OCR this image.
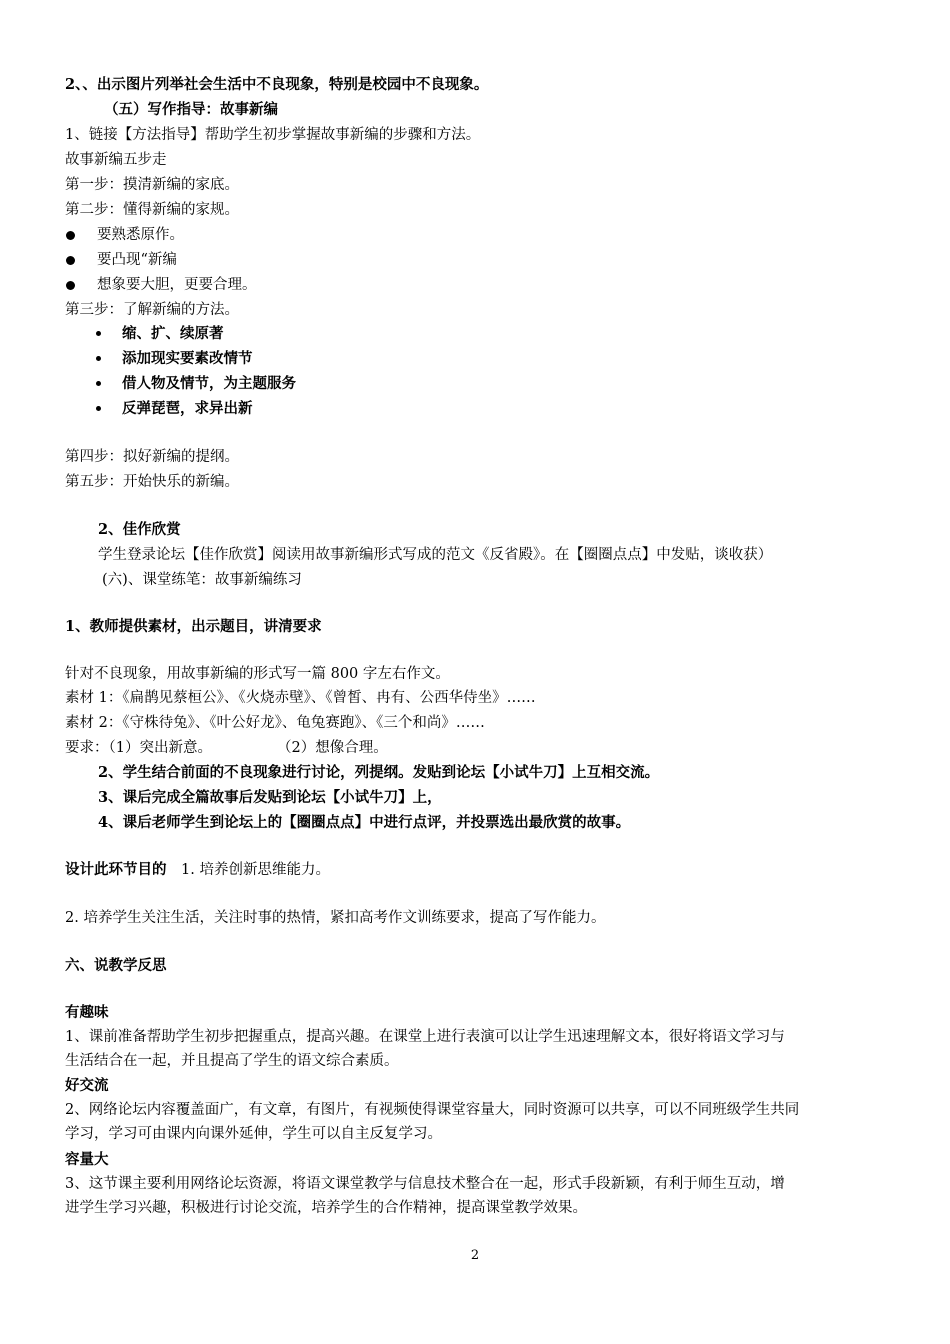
2、、出示图片列举社会生活中不良现象，特别是校园中不良现象。
（五）写作指导：故事新编
1、链接【方法指导】帮助学生初步掌握故事新编的步骤和方法。
故事新编五步走
第一步：摸清新编的家底。
第二步：懂得新编的家规。
要熟悉原作。
要凸现“新编
想象要大胆，更要合理。
第三步：了解新编的方法。
缩、扩、续原著
添加现实要素改情节
借人物及情节，为主题服务
反弹琵琶，求异出新
第四步：拟好新编的提纲。
第五步：开始快乐的新编。
2、佳作欣赏
学生登录论坛【佳作欣赏】阅读用故事新编形式写成的范文《反省殿》。在【圈圈点点】中发贴，谈收获）
(六)、课堂练笔：故事新编练习
1、教师提供素材，出示题目，讲清要求
针对不良现象，用故事新编的形式写一篇 800 字左右作文。
素材 1：《扁鹊见蔡桓公》、《火烧赤壁》、《曾皙、冉有、公西华侍坐》……
素材 2：《守株待兔》、《叶公好龙》、龟兔赛跑》、《三个和尚》……
要求：（1）突出新意。	（2）想像合理。
2、学生结合前面的不良现象进行讨论，列提纲。发贴到论坛【小试牛刀】上互相交流。
3、课后完成全篇故事后发贴到论坛【小试牛刀】上，
4、课后老师学生到论坛上的【圈圈点点】中进行点评，并投票选出最欣赏的故事。
设计此环节目的 1. 培养创新思维能力。
2. 培养学生关注生活，关注时事的热情，紧扣高考作文训练要求，提高了写作能力。
六、说教学反思
有趣味
1、课前准备帮助学生初步把握重点，提高兴趣。在课堂上进行表演可以让学生迅速理解文本，很好将语文学习与
生活结合在一起，并且提高了学生的语文综合素质。
好交流
2、网络论坛内容覆盖面广，有文章，有图片，有视频使得课堂容量大，同时资源可以共享，可以不同班级学生共同
学习，学习可由课内向课外延伸，学生可以自主反复学习。
容量大
3、这节课主要利用网络论坛资源，将语文课堂教学与信息技术整合在一起，形式手段新颖，有利于师生互动，增
进学生学习兴趣，积极进行讨论交流，培养学生的合作精神，提高课堂教学效果。
2
